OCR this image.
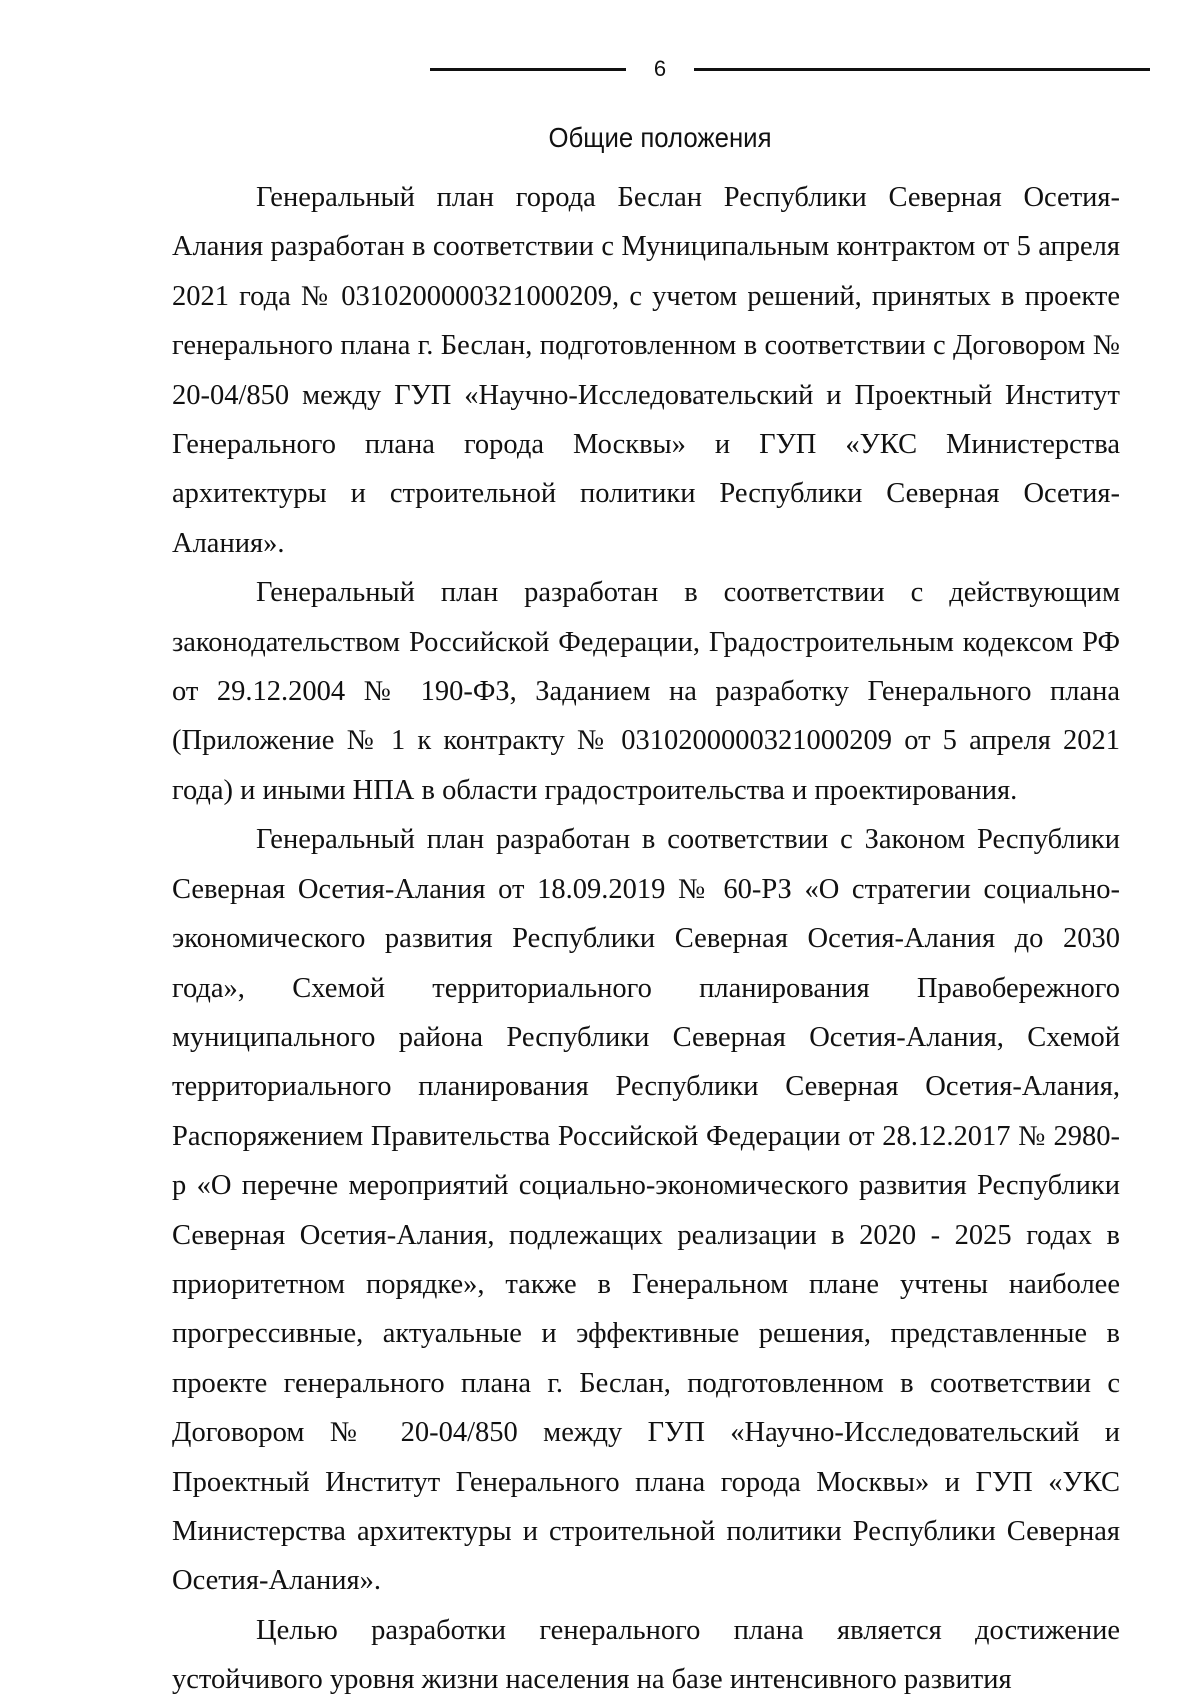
6
Общие положения

Генеральный план города Беслан Республики Северная Осетия-Алания разработан в соответствии с Муниципальным контрактом от 5 апреля 2021 года № 0310200000321000209, с учетом решений, принятых в проекте генерального плана г. Беслан, подготовленном в соответствии с Договором № 20-04/850 между ГУП «Научно-Исследовательский и Проектный Институт Генерального плана города Москвы» и ГУП «УКС Министерства архитектуры и строительной политики Республики Северная Осетия-Алания».

Генеральный план разработан в соответствии с действующим законодательством Российской Федерации, Градостроительным кодексом РФ от 29.12.2004 № 190-ФЗ, Заданием на разработку Генерального плана (Приложение № 1 к контракту № 0310200000321000209 от 5 апреля 2021 года) и иными НПА в области градостроительства и проектирования.

Генеральный план разработан в соответствии с Законом Республики Северная Осетия-Алания от 18.09.2019 № 60-РЗ «О стратегии социально-экономического развития Республики Северная Осетия-Алания до 2030 года», Схемой территориального планирования Правобережного муниципального района Республики Северная Осетия-Алания, Схемой территориального планирования Республики Северная Осетия-Алания, Распоряжением Правительства Российской Федерации от 28.12.2017 № 2980-р «О перечне мероприятий социально-экономического развития Республики Северная Осетия-Алания, подлежащих реализации в 2020 - 2025 годах в приоритетном порядке», также в Генеральном плане учтены наиболее прогрессивные, актуальные и эффективные решения, представленные в проекте генерального плана г. Беслан, подготовленном в соответствии с Договором № 20-04/850 между ГУП «Научно-Исследовательский и Проектный Институт Генерального плана города Москвы» и ГУП «УКС Министерства архитектуры и строительной политики Республики Северная Осетия-Алания».

Целью разработки генерального плана является достижение устойчивого уровня жизни населения на базе интенсивного развития
